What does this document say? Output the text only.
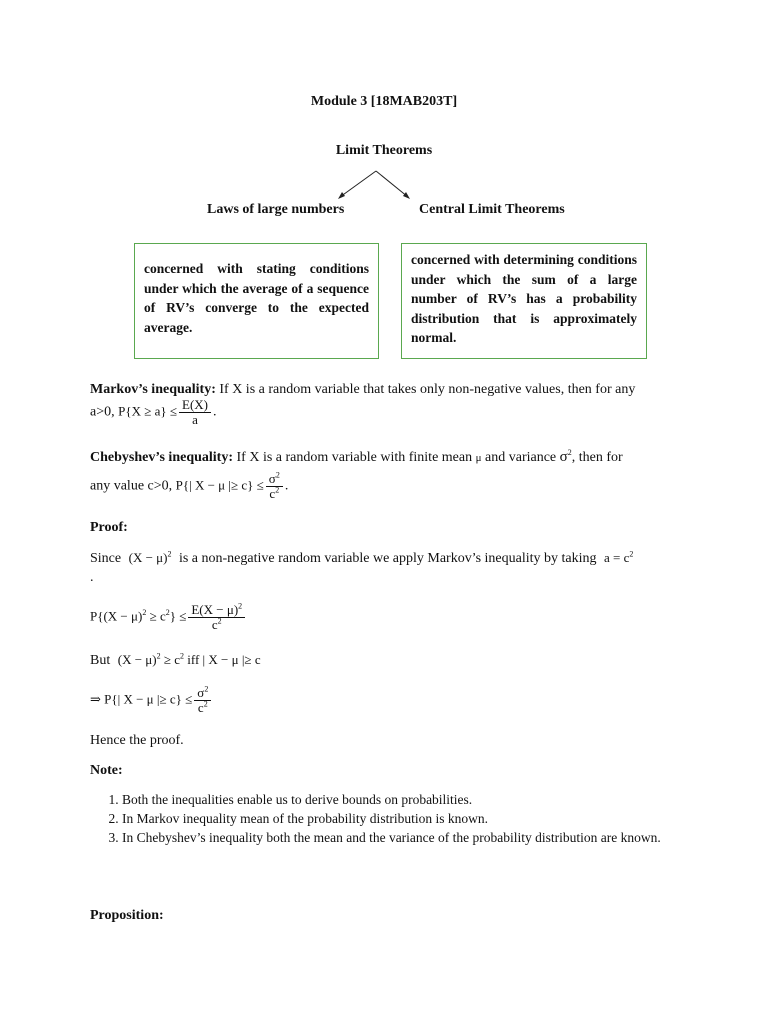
Module 3 [18MAB203T]
Limit Theorems
Laws of large numbers	Central Limit Theorems
concerned with stating conditions under which the average of a sequence of RV’s converge to the expected average.
concerned with determining conditions under which the sum of a large number of RV’s has a probability distribution that is approximately normal.
Markov’s inequality: If X is a random variable that takes only non-negative values, then for any
a>0, $P\{X \ge a\} \le \frac{E(X)}{a}$ .
Chebyshev’s inequality: If X is a random variable with finite mean μ and variance $\sigma^2$, then for
any value c>0, P{| X − μ |≥ $c\} \le \frac{\sigma^2}{c^2}$ .
Proof:
Since $(X - \mu)^2$ is a non-negative random variable we apply Markov’s inequality by taking $a = c^2$
.
$P\{(X - \mu)^2 \ge c^2\} \le \frac{E(X - \mu)^2}{c^2}$
But $(X - \mu)^2 \ge c^2$ iff | X − μ |≥ c
⇒ P{| X − μ |≥ $c\} \le \frac{\sigma^2}{c^2}$
Hence the proof.
Note:
1. Both the inequalities enable us to derive bounds on probabilities.
2. In Markov inequality mean of the probability distribution is known.
3. In Chebyshev’s inequality both the mean and the variance of the probability distribution are known.
Proposition:
